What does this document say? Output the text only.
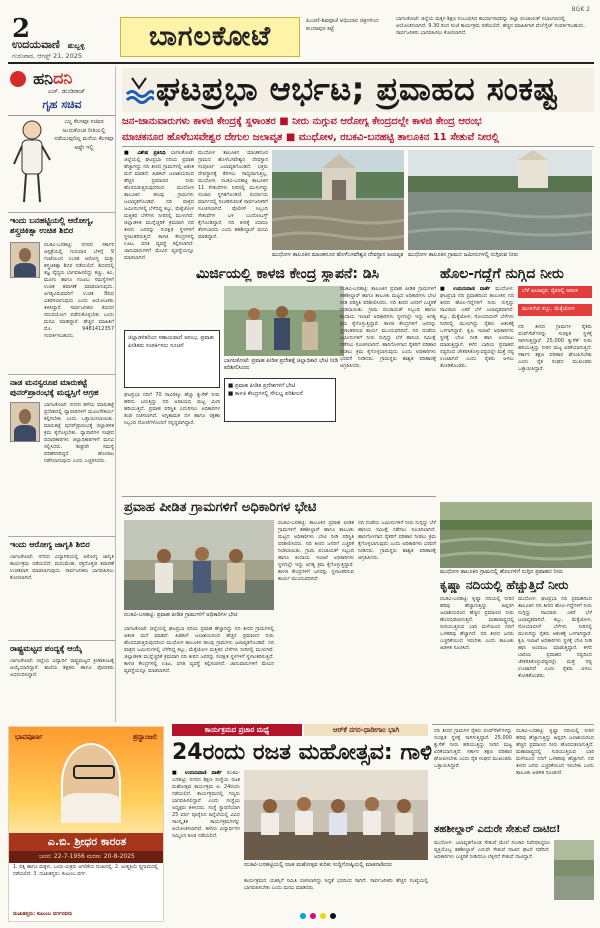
2
ಉದಯವಾಣಿ ಹುಬ್ಬಳ್ಳಿ
ಗುರುವಾರ, ಆಗಸ್ಟ್ 21, 2025
ಬಾಗಲಕೋಟೆ	ಪಿಂಚಣಿ-ಶಿವಪೂಜೆ ಅಭಿಯಾನ ಚಿತ್ರಗಳಿಂದ ಕುಂದಾಪುರ ಕಟ್ಟೆ
ಬಾಗಲಕೋಟೆ: ಜಿಲ್ಲೆಯ ಮಕ್ಕಳ ಶಿಕ್ಷಣ ಸಂಬಂಧಿಸಿದ ಕಾರ್ಯಾಗಾರವನ್ನು ಜಿಲ್ಲಾ ಪಂಚಾಯತ್ ಸಭಾಂಗಣದಲ್ಲಿ ಆಯೋಜಿಸಲಾಗಿದೆ. 9.30 ರಿಂದ ಸಂಜೆ ಕಾರ್ಯಕ್ರಮ ನಡೆಯಲಿದೆ. ಹೆಚ್ಚಿನ ಮಾಹಿತಿಗಾಗಿ ವೆಬ್‌ಸೈಟ್ ಸಂಪರ್ಕಿಸಬಹುದು. ಸಾರ್ವಜನಿಕರು ಭಾಗವಹಿಸಲು ಕೋರಲಾಗಿದೆ.
BGK 2
ಹನಿದನಿ
ಎಚ್. ಡುಂಡಿರಾಜ್
ಗೃಹ ಸಚಿವ
ಎಲ್ಲ ಕೆಲಸವೂ ಸಚಿವರ ಅಂದುಕೊಂಡ ರೀತಿಯಲ್ಲಿ ನಡೆಯುವುದಿಲ್ಲ ಮನೆಯ ಕೆಲಸವೂ ಅಷ್ಟೇ ಇಲ್ಲಿ
ಇಂದು ಬನಹಟ್ಟಿಯಲ್ಲಿ ಆರೋಗ್ಯ, ಶಸ್ತ್ರಚಿಕಿತ್ಸಾ ಉಚಿತ ಶಿಬಿರ
ರಬಕವಿ-ಬನಹಟ್ಟಿ: ನಗರದ ಸರ್ಕಾರಿ ಆಸ್ಪತ್ರೆಯಲ್ಲಿ ಗುರುವಾರ ಬೆಳಿಗ್ಗೆ 9 ಗಂಟೆಯಿಂದ ಉಚಿತ ಆರೋಗ್ಯ ಮತ್ತು ಶಸ್ತ್ರಚಿಕಿತ್ಸಾ ಶಿಬಿರ ನಡೆಯಲಿದೆ. ಶಿಬಿರದಲ್ಲಿ ತಜ್ಞ ವೈದ್ಯರು ಭಾಗವಹಿಸಲಿದ್ದು ಕಣ್ಣು, ಕಿವಿ, ಮೂಗು ಹಾಗೂ ಗಂಟಲು ಸಮಸ್ಯೆಗಳಿಗೆ ಉಚಿತ ತಪಾಸಣೆ ಮಾಡಲಾಗುವುದು. ಅಗತ್ಯವಿರುವವರಿಗೆ ಉಚಿತ ಔಷಧ ವಿತರಿಸಲಾಗುವುದು ಎಂದು ಆಯೋಜಕರು ತಿಳಿಸಿದ್ದಾರೆ. ಸಾರ್ವಜನಿಕರು ಶಿಬಿರದ ಸದುಪಯೋಗ ಪಡೆದುಕೊಳ್ಳಬೇಕು ಎಂದು ಮನವಿ ಮಾಡಿದ್ದಾರೆ. ಹೆಚ್ಚಿನ ಮಾಹಿತಿಗೆ ಮೊ. 9481412357 ಸಂಪರ್ಕಿಸಬಹುದು.
ನಾಡ ಮನಸ್ವರೂಪ ಮಾರುಕಟ್ಟೆ ಪುನರ್‌ಪ್ರಾರಂಭಕ್ಕೆ ಮಧ್ಯಸ್ತಿಗೆ ಆಗ್ರಹ
ಬಾಗಲಕೋಟೆ: ನಗರದ ಹಳೆಯ ಮಾರುಕಟ್ಟೆ ಪ್ರದೇಶದಲ್ಲಿ ವ್ಯಾಪಾರಿಗಳಿಗೆ ಮೂಲಸೌಕರ್ಯ ಕಲ್ಪಿಸಬೇಕು ಎಂದು ಒತ್ತಾಯಿಸಲಾಯಿತು. ಮಾರುಕಟ್ಟೆ ಪುನರ್‌ಪ್ರಾರಂಭಕ್ಕೆ ಜಿಲ್ಲಾಡಳಿತ ಕ್ರಮ ಕೈಗೊಳ್ಳಬೇಕು. ವ್ಯಾಪಾರಿಗಳ ಸಂಘದ ಪದಾಧಿಕಾರಿಗಳು ಜಿಲ್ಲಾಧಿಕಾರಿಗಳಿಗೆ ಮನವಿ ಸಲ್ಲಿಸಿದರು. ಶೀಘ್ರವೇ ಸಮಸ್ಯೆ ಪರಿಹರಿಸದಿದ್ದರೆ ಹೋರಾಟ ನಡೆಸಲಾಗುವುದು ಎಂದು ಎಚ್ಚರಿಸಿದರು.
ಇಂದು ಆರೋಗ್ಯ ಜಾಗೃತಿ ಶಿಬಿರ
ಬಾಗಲಕೋಟೆ: ನಗರದ ವಿದ್ಯಾಗಿರಿಯಲ್ಲಿ ಆರೋಗ್ಯ ಜಾಗೃತಿ ಕಾರ್ಯಕ್ರಮ ನಡೆಯಲಿದೆ. ಮಧುಮೇಹ, ರಕ್ತದೊತ್ತಡ ತಪಾಸಣೆ ಉಚಿತವಾಗಿ ಮಾಡಲಾಗುವುದು. ಸಾರ್ವಜನಿಕರು ಭಾಗವಹಿಸಲು ಕೋರಲಾಗಿದೆ.
ರಾಷ್ಟ್ರಮಟ್ಟದ ಪಂದ್ಯಕ್ಕೆ ಆಯ್ಕೆ
ಬಾಗಲಕೋಟೆ: ಜಿಲ್ಲೆಯ ವಿದ್ಯಾರ್ಥಿ ರಾಷ್ಟ್ರಮಟ್ಟದ ಕ್ರೀಡಾಕೂಟಕ್ಕೆ ಆಯ್ಕೆಯಾಗಿದ್ದಾರೆ. ಶಾಲೆಯ ಶಿಕ್ಷಕರು ಹಾಗೂ ಪೋಷಕರು ಅಭಿನಂದಿಸಿದ್ದಾರೆ.
ಘಟಪ್ರಭಾ ಆರ್ಭಟ; ಪ್ರವಾಹದ ಸಂಕಷ್ಟ
ಜನ-ಜಾನುವಾರುಗಳು ಕಾಳಜಿ ಕೇಂದ್ರಕ್ಕೆ ಸ್ಥಳಾಂತರ ■ ನೀರು ನುಗ್ಗುವ ಆರೋಗ್ಯ ಕೇಂದ್ರದಲ್ಲೇ ಕಾಳಜಿ ಕೇಂದ್ರ ಆರಂಭ
ಮಾಚಕನೂರ ಹೊಳೆಬಸವೇಶ್ವರ ದೇಗುಲ ಜಲಾವೃತ ■ ಮುಧೋಳ, ರಬಕವಿ-ಬನಹಟ್ಟಿ ತಾಲೂಕಿನ 11 ಸೇತುವೆ ನೀರಲ್ಲಿ
■ ವಿಶೇಷ ಪ್ರತಿನಿಧಿ ಬಾಗಲಕೋಟೆ: ಜಿಲ್ಲೆಯಲ್ಲಿ ಘಟಪ್ರಭಾ ನದಿಯ ಪ್ರವಾಹ ಹೆಚ್ಚಾಗಿದ್ದು ನದಿ ತೀರದ ಗ್ರಾಮಗಳಲ್ಲಿ ಆತಂಕ ಮನೆ ಮಾಡಿದೆ. ಹಿಡಕಲ್ ಜಲಾಶಯದಿಂದ ಹೆಚ್ಚಿನ ಪ್ರಮಾಣದ ನೀರು ಹೊರಬಿಡುತ್ತಿರುವುದರಿಂದ ಮುಧೋಳ ತಾಲೂಕಿನ ಹಲವು ಗ್ರಾಮಗಳು ಜಲಾವೃತಗೊಂಡಿವೆ. ನದಿ ಪಾತ್ರದ ಜಮೀನುಗಳಲ್ಲಿ ಬೆಳೆದಿದ್ದ ಕಬ್ಬು, ಮೆಕ್ಕೆಜೋಳ ಮತ್ತಿತರ ಬೆಳೆಗಳು ನೀರಿನಲ್ಲಿ ಮುಳುಗಿವೆ. ಜಿಲ್ಲಾಡಳಿತ ಮುನ್ನೆಚ್ಚರಿಕೆ ಕ್ರಮವಾಗಿ ನದಿ ತೀರದ ಜನರನ್ನು ಸುರಕ್ಷಿತ ಸ್ಥಳಗಳಿಗೆ ಸ್ಥಳಾಂತರಿಸುತ್ತಿದೆ. ಕಾಳಜಿ ಕೇಂದ್ರಗಳಲ್ಲಿ ಊಟ, ವಸತಿ ವ್ಯವಸ್ಥೆ ಕಲ್ಪಿಸಲಾಗಿದೆ. ಜಾನುವಾರುಗಳಿಗೆ ಮೇವಿನ ವ್ಯವಸ್ಥೆಯನ್ನೂ ಮಾಡಲಾಗಿದೆ.
ಮುಧೋಳ ತಾಲೂಕಿನ ಮಾಚಕನೂರ ಗ್ರಾಮದ ಹೊಳೆಬಸವೇಶ್ವರ ದೇವಸ್ಥಾನ ಸಂಪೂರ್ಣ ಜಲಾವೃತಗೊಂಡಿದೆ. ಭಕ್ತರು ದೇವಸ್ಥಾನಕ್ಕೆ ತೆರಳಲು ಸಾಧ್ಯವಾಗುತ್ತಿಲ್ಲ. ಮುಧೋಳ, ರಬಕವಿ-ಬನಹಟ್ಟಿ ತಾಲೂಕಿನ 11 ಸೇತುವೆಗಳು ನೀರಿನಲ್ಲಿ ಮುಳುಗಿದ್ದು ಸಂಚಾರ ಸ್ಥಗಿತಗೊಂಡಿದೆ. ಪರ್ಯಾಯ ಮಾರ್ಗದಲ್ಲಿ ಸಂಚರಿಸುವಂತೆ ಸಾರ್ವಜನಿಕರಿಗೆ ಸೂಚಿಸಲಾಗಿದೆ. ಪೊಲೀಸ್ ಸಿಬ್ಬಂದಿ ಸೇತುವೆಗಳ ಬಳಿ ಬಂದೋಬಸ್ತ್ ಕೈಗೊಂಡಿದ್ದಾರೆ. ನದಿ ತೀರಕ್ಕೆ ಯಾರೂ ತೆರಳಬಾರದು ಎಂದು ತಹಶೀಲ್ದಾರ್ ಮನವಿ ಮಾಡಿದ್ದಾರೆ.
ಮುಧೋಳ ತಾಲೂಕಿನ ಮಾಚಕನೂರ ಹೊಳೆಬಸವೇಶ್ವರ ದೇವಸ್ಥಾನ ಜಲಾವೃತ ಮುಧೋಳ ತಾಲೂಕಿನ ಗ್ರಾಮದ ಜಮೀನುಗಳಲ್ಲಿ ನುಗ್ಗಿರುವ ನೀರು
ಮಿರ್ಜಿಯಲ್ಲಿ ಕಾಳಜಿ ಕೇಂದ್ರ ಸ್ಥಾಪನೆ: ಡಿಸಿ	ಹೊಲ-ಗದ್ದೆಗೆ ನುಗ್ಗಿದ ನೀರು
ಜಿಲ್ಲಾಡಳಿತದಿಂದ ಸಹಾಯವಾಣಿ ಆರಂಭ, ಪ್ರವಾಹ ಪೀಡಿತರು ಸಂಪರ್ಕಿಸಲು ಸೂಚನೆ
ಘಟಪ್ರಭಾ ನದಿಗೆ 70 ಸಾವಿರಕ್ಕೂ ಹೆಚ್ಚು ಕ್ಯುಸೆಕ್ ನೀರು ಹರಿದು ಬರುತ್ತಿದ್ದು ನದಿ ಅಪಾಯದ ಮಟ್ಟ ಮೀರಿ ಹರಿಯುತ್ತಿದೆ. ಪ್ರವಾಹ ಪರಿಸ್ಥಿತಿ ಎದುರಿಸಲು ಅಧಿಕಾರಿಗಳ ತಂಡ ರಚಿಸಲಾಗಿದೆ. ಅಗ್ನಿಶಾಮಕ ದಳ ಹಾಗೂ ರಕ್ಷಣಾ ಸಿಬ್ಬಂದಿ ದೋಣಿಗಳೊಂದಿಗೆ ಸನ್ನದ್ಧರಾಗಿದ್ದಾರೆ.
ಬಾಗಲಕೋಟೆ: ಪ್ರವಾಹ ಪೀಡಿತ ಪ್ರದೇಶಕ್ಕೆ ಜಿಲ್ಲಾಧಿಕಾರಿ ಭೇಟಿ ನೀಡಿ ಪರಿಶೀಲಿಸಿದರು
■ ಪ್ರವಾಹ ಪೀಡಿತ ಪ್ರದೇಶಗಳಿಗೆ ಭೇಟಿ
■ ಕಾಳಜಿ ಕೇಂದ್ರಗಳಲ್ಲಿ ಸೌಲಭ್ಯ ಪರಿಶೀಲನೆ
ರಬಕವಿ-ಬನಹಟ್ಟಿ: ತಾಲೂಕಿನ ಪ್ರವಾಹ ಪೀಡಿತ ಗ್ರಾಮಗಳಿಗೆ ತಹಶೀಲ್ದಾರ್ ಹಾಗೂ ತಾಲೂಕು ಮಟ್ಟದ ಅಧಿಕಾರಿಗಳು ಭೇಟಿ ನೀಡಿ ಪರಿಸ್ಥಿತಿ ಪರಿಶೀಲಿಸಿದರು. ನದಿ ತೀರದ ಜನರಿಗೆ ಎಚ್ಚರಿಕೆ ನೀಡಲಾಯಿತು. ಗ್ರಾಮ ಪಂಚಾಯತ್ ಸಿಬ್ಬಂದಿ ಹಾಗೂ ಕಂದಾಯ ಇಲಾಖೆ ಅಧಿಕಾರಿಗಳು ಸ್ಥಳದಲ್ಲೇ ಇದ್ದು ಅಗತ್ಯ ಕ್ರಮ ಕೈಗೊಳ್ಳುತ್ತಿದ್ದಾರೆ. ಕಾಳಜಿ ಕೇಂದ್ರಗಳಿಗೆ ಜನರನ್ನು ಸ್ಥಳಾಂತರಿಸುವ ಕಾರ್ಯ ಮುಂದುವರಿದಿದೆ. ನದಿ ದಂಡೆಯ ಜಮೀನುಗಳಿಗೆ ನೀರು ನುಗ್ಗಿದ್ದು ಬೆಳೆ ಹಾನಿಯ ಸಮೀಕ್ಷೆ ನಡೆಸಲು ಸೂಚಿಸಲಾಗಿದೆ. ಹಾನಿಗೊಳಗಾದ ರೈತರಿಗೆ ಪರಿಹಾರ ನೀಡಲು ಕ್ರಮ ಕೈಗೊಳ್ಳಲಾಗುವುದು ಎಂದು ಅಧಿಕಾರಿಗಳು ಭರವಸೆ ನೀಡಿದರು. ಗ್ರಾಮಸ್ಥರು ಶಾಶ್ವತ ಪರಿಹಾರಕ್ಕೆ ಆಗ್ರಹಿಸಿದರು.
ಪ್ರವಾಹ ಪೀಡಿತ ಗ್ರಾಮಗಳಿಗೆ ಅಧಿಕಾರಿಗಳ ಭೇಟಿ
ರಬಕವಿ-ಬನಹಟ್ಟಿ: ಪ್ರವಾಹ ಪೀಡಿತ ಗ್ರಾಮಗಳಿಗೆ ಅಧಿಕಾರಿಗಳ ಭೇಟಿ
ರಬಕವಿ-ಬನಹಟ್ಟಿ: ತಾಲೂಕಿನ ಪ್ರವಾಹ ಪೀಡಿತ ಗ್ರಾಮಗಳಿಗೆ ತಹಶೀಲ್ದಾರ್ ಹಾಗೂ ತಾಲೂಕು ಮಟ್ಟದ ಅಧಿಕಾರಿಗಳು ಭೇಟಿ ನೀಡಿ ಪರಿಸ್ಥಿತಿ ಪರಿಶೀಲಿಸಿದರು. ನದಿ ತೀರದ ಜನರಿಗೆ ಎಚ್ಚರಿಕೆ ನೀಡಲಾಯಿತು. ಗ್ರಾಮ ಪಂಚಾಯತ್ ಸಿಬ್ಬಂದಿ ಹಾಗೂ ಕಂದಾಯ ಇಲಾಖೆ ಅಧಿಕಾರಿಗಳು ಸ್ಥಳದಲ್ಲೇ ಇದ್ದು ಅಗತ್ಯ ಕ್ರಮ ಕೈಗೊಳ್ಳುತ್ತಿದ್ದಾರೆ. ಕಾಳಜಿ ಕೇಂದ್ರಗಳಿಗೆ ಜನರನ್ನು ಸ್ಥಳಾಂತರಿಸುವ ಕಾರ್ಯ ಮುಂದುವರಿದಿದೆ.
ನದಿ ದಂಡೆಯ ಜಮೀನುಗಳಿಗೆ ನೀರು ನುಗ್ಗಿದ್ದು ಬೆಳೆ ಹಾನಿಯ ಸಮೀಕ್ಷೆ ನಡೆಸಲು ಸೂಚಿಸಲಾಗಿದೆ. ಹಾನಿಗೊಳಗಾದ ರೈತರಿಗೆ ಪರಿಹಾರ ನೀಡಲು ಕ್ರಮ ಕೈಗೊಳ್ಳಲಾಗುವುದು ಎಂದು ಅಧಿಕಾರಿಗಳು ಭರವಸೆ ನೀಡಿದರು. ಗ್ರಾಮಸ್ಥರು ಶಾಶ್ವತ ಪರಿಹಾರಕ್ಕೆ ಆಗ್ರಹಿಸಿದರು.
ಬಾಗಲಕೋಟೆ: ಜಿಲ್ಲೆಯಲ್ಲಿ ಘಟಪ್ರಭಾ ನದಿಯ ಪ್ರವಾಹ ಹೆಚ್ಚಾಗಿದ್ದು ನದಿ ತೀರದ ಗ್ರಾಮಗಳಲ್ಲಿ ಆತಂಕ ಮನೆ ಮಾಡಿದೆ. ಹಿಡಕಲ್ ಜಲಾಶಯದಿಂದ ಹೆಚ್ಚಿನ ಪ್ರಮಾಣದ ನೀರು ಹೊರಬಿಡುತ್ತಿರುವುದರಿಂದ ಮುಧೋಳ ತಾಲೂಕಿನ ಹಲವು ಗ್ರಾಮಗಳು ಜಲಾವೃತಗೊಂಡಿವೆ. ನದಿ ಪಾತ್ರದ ಜಮೀನುಗಳಲ್ಲಿ ಬೆಳೆದಿದ್ದ ಕಬ್ಬು, ಮೆಕ್ಕೆಜೋಳ ಮತ್ತಿತರ ಬೆಳೆಗಳು ನೀರಿನಲ್ಲಿ ಮುಳುಗಿವೆ. ಜಿಲ್ಲಾಡಳಿತ ಮುನ್ನೆಚ್ಚರಿಕೆ ಕ್ರಮವಾಗಿ ನದಿ ತೀರದ ಜನರನ್ನು ಸುರಕ್ಷಿತ ಸ್ಥಳಗಳಿಗೆ ಸ್ಥಳಾಂತರಿಸುತ್ತಿದೆ. ಕಾಳಜಿ ಕೇಂದ್ರಗಳಲ್ಲಿ ಊಟ, ವಸತಿ ವ್ಯವಸ್ಥೆ ಕಲ್ಪಿಸಲಾಗಿದೆ. ಜಾನುವಾರುಗಳಿಗೆ ಮೇವಿನ ವ್ಯವಸ್ಥೆಯನ್ನೂ ಮಾಡಲಾಗಿದೆ.
■ ಉದಯವಾಣಿ ವಾರ್ತೆ ಮುಧೋಳ: ಘಟಪ್ರಭಾ ನದಿ ಪ್ರವಾಹದಿಂದ ತಾಲೂಕಿನ ನದಿ ತೀರದ ಹೊಲ-ಗದ್ದೆಗಳಿಗೆ ನೀರು ನುಗ್ಗಿದ್ದು ಸಾವಿರಾರು ಎಕರೆ ಬೆಳೆ ಜಲಾವೃತವಾಗಿದೆ. ಕಬ್ಬು, ಮೆಕ್ಕೆಜೋಳ, ಸೋಯಾಬೀನ್ ಬೆಳೆಗಳು ನೀರಿನಲ್ಲಿ ಮುಳುಗಿದ್ದು ರೈತರು ಆತಂಕಕ್ಕೆ ಒಳಗಾಗಿದ್ದಾರೆ. ಕೃಷಿ ಇಲಾಖೆ ಅಧಿಕಾರಿಗಳು ಸ್ಥಳಕ್ಕೆ ಭೇಟಿ ನೀಡಿ ಹಾನಿ ಅಂದಾಜು ಮಾಡುತ್ತಿದ್ದಾರೆ. ಕಳೆದ ಬಾರಿಯ ಪ್ರವಾಹದ ನಷ್ಟದಿಂದ ಚೇತರಿಸಿಕೊಳ್ಳುವಷ್ಟರಲ್ಲೇ ಮತ್ತೆ ನಷ್ಟ ಉಂಟಾಗಿದೆ ಎಂದು ರೈತರು ಅಳಲು ತೋಡಿಕೊಂಡರು.
ಬೆಳೆ ಜಲಾವೃತ; ರೈತರಲ್ಲಿ ಆತಂಕ
ಮುಳುಗಿದ ಕಬ್ಬು, ಮೆಕ್ಕೆಜೋಳ
ನದಿ ತೀರದ ಗ್ರಾಮಗಳ ರೈತರು ಪಂಪ್‌ಸೆಟ್‌ಗಳನ್ನು ಸುರಕ್ಷಿತ ಸ್ಥಳಕ್ಕೆ ಸಾಗಿಸುತ್ತಿದ್ದಾರೆ. 25,000 ಕ್ಯುಸೆಕ್ ನೀರು ಹರಿಯುತ್ತಿದ್ದು ನೀರಿನ ಮಟ್ಟ ಏರಿಕೆಯಾಗುತ್ತಿದೆ. ಸರ್ಕಾರ ತಕ್ಷಣ ಪರಿಹಾರ ಘೋಷಿಸಬೇಕು ಎಂದು ರೈತ ಸಂಘದ ಮುಖಂಡರು ಒತ್ತಾಯಿಸಿದ್ದಾರೆ.
ಮುಧೋಳ ತಾಲೂಕಿನ ಗ್ರಾಮದಲ್ಲಿ ಹೊಲಗಳಿಗೆ ನುಗ್ಗಿದ ಪ್ರವಾಹದ ನೀರು
ಕೃಷ್ಣಾ ನದಿಯಲ್ಲಿ ಹೆಚ್ಚುತ್ತಿದೆ ನೀರು
ರಬಕವಿ-ಬನಹಟ್ಟಿ: ಕೃಷ್ಣಾ ನದಿಯಲ್ಲಿ ನೀರಿನ ಹರಿವು ಹೆಚ್ಚಾಗುತ್ತಿದ್ದು ಹಿಪ್ಪರಗಿ ಜಲಾಶಯದಿಂದ ಹೆಚ್ಚಿನ ಪ್ರಮಾಣದ ನೀರು ಹೊರಬಿಡಲಾಗುತ್ತಿದೆ. ಮಹಾರಾಷ್ಟ್ರದಲ್ಲಿ ಸುರಿಯುತ್ತಿರುವ ಭಾರಿ ಮಳೆಯಿಂದ ನದಿಗೆ ಒಳಹರಿವು ಹೆಚ್ಚಾಗಿದೆ. ನದಿ ತೀರದ ಜನರು ಎಚ್ಚರಿಕೆಯಿಂದ ಇರಬೇಕು ಎಂದು ತಾಲೂಕು ಆಡಳಿತ ಸೂಚಿಸಿದೆ.
ಮುಧೋಳ: ಘಟಪ್ರಭಾ ನದಿ ಪ್ರವಾಹದಿಂದ ತಾಲೂಕಿನ ನದಿ ತೀರದ ಹೊಲ-ಗದ್ದೆಗಳಿಗೆ ನೀರು ನುಗ್ಗಿದ್ದು ಸಾವಿರಾರು ಎಕರೆ ಬೆಳೆ ಜಲಾವೃತವಾಗಿದೆ. ಕಬ್ಬು, ಮೆಕ್ಕೆಜೋಳ, ಸೋಯಾಬೀನ್ ಬೆಳೆಗಳು ನೀರಿನಲ್ಲಿ ಮುಳುಗಿದ್ದು ರೈತರು ಆತಂಕಕ್ಕೆ ಒಳಗಾಗಿದ್ದಾರೆ. ಕೃಷಿ ಇಲಾಖೆ ಅಧಿಕಾರಿಗಳು ಸ್ಥಳಕ್ಕೆ ಭೇಟಿ ನೀಡಿ ಹಾನಿ ಅಂದಾಜು ಮಾಡುತ್ತಿದ್ದಾರೆ. ಕಳೆದ ಬಾರಿಯ ಪ್ರವಾಹದ ನಷ್ಟದಿಂದ ಚೇತರಿಸಿಕೊಳ್ಳುವಷ್ಟರಲ್ಲೇ ಮತ್ತೆ ನಷ್ಟ ಉಂಟಾಗಿದೆ ಎಂದು ರೈತರು ಅಳಲು ತೋಡಿಕೊಂಡರು.
ಭಾವಪೂರ್ಣ	ಶ್ರದ್ಧಾಂಜಲಿ
ಎ.ಬಿ. ಶ್ರೀಧರ ಕಾರಂತ
ಜನನ: 22-7-1956 ಮರಣ: 20-8-2025
1. ಪತ್ನಿ ಹಾಗೂ ಮಕ್ಕಳು, ಬಂಧು-ಮಿತ್ರರು ಅಗಲಿಕೆಯ ದುಃಖದಲ್ಲಿ. 2. ಅಂತ್ಯಕ್ರಿಯೆ ಸ್ವಗ್ರಾಮದಲ್ಲಿ ನಡೆಯಲಿದೆ. 3. ದುಃಖತಪ್ತರು: ಕುಟುಂಬ ವರ್ಗ.
ದುಃಖತಪ್ತರು: ಕುಟುಂಬ ವರ್ಗದವರು
ಕಾರ್ಯಕ್ರಮದ ಪ್ರಚಾರ ಮಧ್ಯೆ	ಆರ್‌ಕೆ ನಗರ-ಧಾರೀಗಾಂ ಭಾಗಿ
24ರಂದು ರಜತ ಮಹೋತ್ಸವ: ಗಾಳಿ
■ ಉದಯವಾಣಿ ವಾರ್ತೆ ರಬಕವಿ-ಬನಹಟ್ಟಿ: ನಗರದ ಶಿಕ್ಷಣ ಸಂಸ್ಥೆಯ ರಜತ ಮಹೋತ್ಸವ ಕಾರ್ಯಕ್ರಮ ಆ. 24ರಂದು ನಡೆಯಲಿದೆ. ಕಾರ್ಯಕ್ರಮದಲ್ಲಿ ಗಣ್ಯರು ಭಾಗವಹಿಸಲಿದ್ದಾರೆ ಎಂದು ಸಂಸ್ಥೆಯ ಅಧ್ಯಕ್ಷರು ತಿಳಿಸಿದರು. ಸಂಸ್ಥೆ ಸ್ಥಾಪನೆಯಾಗಿ 25 ವರ್ಷ ಪೂರೈಸಿದ ಹಿನ್ನೆಲೆಯಲ್ಲಿ ವಿವಿಧ ಸಾಂಸ್ಕೃತಿಕ ಕಾರ್ಯಕ್ರಮಗಳನ್ನು ಆಯೋಜಿಸಲಾಗಿದೆ. ಹಳೆಯ ವಿದ್ಯಾರ್ಥಿಗಳ ಸಮ್ಮಿಲನ ಕೂಡ ನಡೆಯಲಿದೆ.
ರಬಕವಿ-ಬನಹಟ್ಟಿಯಲ್ಲಿ ರಜತ ಮಹೋತ್ಸವ ಕುರಿತು ಸುದ್ದಿಗೋಷ್ಠಿಯಲ್ಲಿ ಮಾತನಾಡಿದರು
ಕಾರ್ಯಕ್ರಮದ ಯಶಸ್ಸಿಗೆ ಸಮಿತಿ ರಚಿಸಲಾಗಿದ್ದು ಸಿದ್ಧತೆ ಭರದಿಂದ ಸಾಗಿದೆ. ಸಾರ್ವಜನಿಕರು ಹೆಚ್ಚಿನ ಸಂಖ್ಯೆಯಲ್ಲಿ ಭಾಗವಹಿಸಬೇಕು ಎಂದು ಮನವಿ ಮಾಡಿದರು.
ನದಿ ತೀರದ ಗ್ರಾಮಗಳ ರೈತರು ಪಂಪ್‌ಸೆಟ್‌ಗಳನ್ನು ಸುರಕ್ಷಿತ ಸ್ಥಳಕ್ಕೆ ಸಾಗಿಸುತ್ತಿದ್ದಾರೆ. 25,000 ಕ್ಯುಸೆಕ್ ನೀರು ಹರಿಯುತ್ತಿದ್ದು ನೀರಿನ ಮಟ್ಟ ಏರಿಕೆಯಾಗುತ್ತಿದೆ. ಸರ್ಕಾರ ತಕ್ಷಣ ಪರಿಹಾರ ಘೋಷಿಸಬೇಕು ಎಂದು ರೈತ ಸಂಘದ ಮುಖಂಡರು ಒತ್ತಾಯಿಸಿದ್ದಾರೆ.
ರಬಕವಿ-ಬನಹಟ್ಟಿ: ಕೃಷ್ಣಾ ನದಿಯಲ್ಲಿ ನೀರಿನ ಹರಿವು ಹೆಚ್ಚಾಗುತ್ತಿದ್ದು ಹಿಪ್ಪರಗಿ ಜಲಾಶಯದಿಂದ ಹೆಚ್ಚಿನ ಪ್ರಮಾಣದ ನೀರು ಹೊರಬಿಡಲಾಗುತ್ತಿದೆ. ಮಹಾರಾಷ್ಟ್ರದಲ್ಲಿ ಸುರಿಯುತ್ತಿರುವ ಭಾರಿ ಮಳೆಯಿಂದ ನದಿಗೆ ಒಳಹರಿವು ಹೆಚ್ಚಾಗಿದೆ. ನದಿ ತೀರದ ಜನರು ಎಚ್ಚರಿಕೆಯಿಂದ ಇರಬೇಕು ಎಂದು ತಾಲೂಕು ಆಡಳಿತ ಸೂಚಿಸಿದೆ.
ತಹಶೀಲ್ದಾರ್ ಎದುರೇ ಸೇತುವೆ ದಾಟಿದ!
ಮುಧೋಳ: ಜಲಾವೃತಗೊಂಡ ಸೇತುವೆ ಮೇಲೆ ಸಂಚಾರ ನಿಷೇಧಿಸಿದ್ದರೂ ವ್ಯಕ್ತಿಯೊಬ್ಬ ತಹಶೀಲ್ದಾರ್ ಎದುರೇ ಸೇತುವೆ ದಾಟಿದ ಘಟನೆ ನಡೆದಿದೆ. ಅಧಿಕಾರಿಗಳು ಎಚ್ಚರಿಕೆ ನೀಡಿದರೂ ಲೆಕ್ಕಿಸದೆ ಸೇತುವೆ ದಾಟಿದ್ದಾನೆ.
